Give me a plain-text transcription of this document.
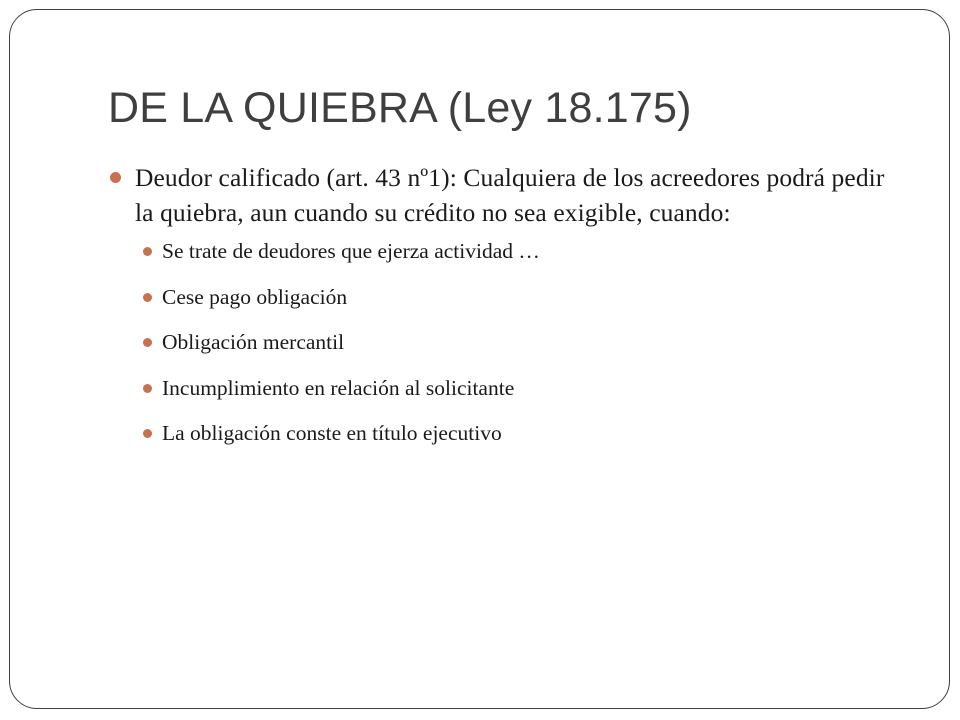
DE LA QUIEBRA (Ley 18.175)
Deudor calificado (art. 43 nº1): Cualquiera de los acreedores podrá pedir la quiebra, aun cuando su crédito no sea exigible, cuando:
Se trate de deudores que ejerza actividad …
Cese pago obligación
Obligación mercantil
Incumplimiento en relación al solicitante
La obligación conste en título ejecutivo
